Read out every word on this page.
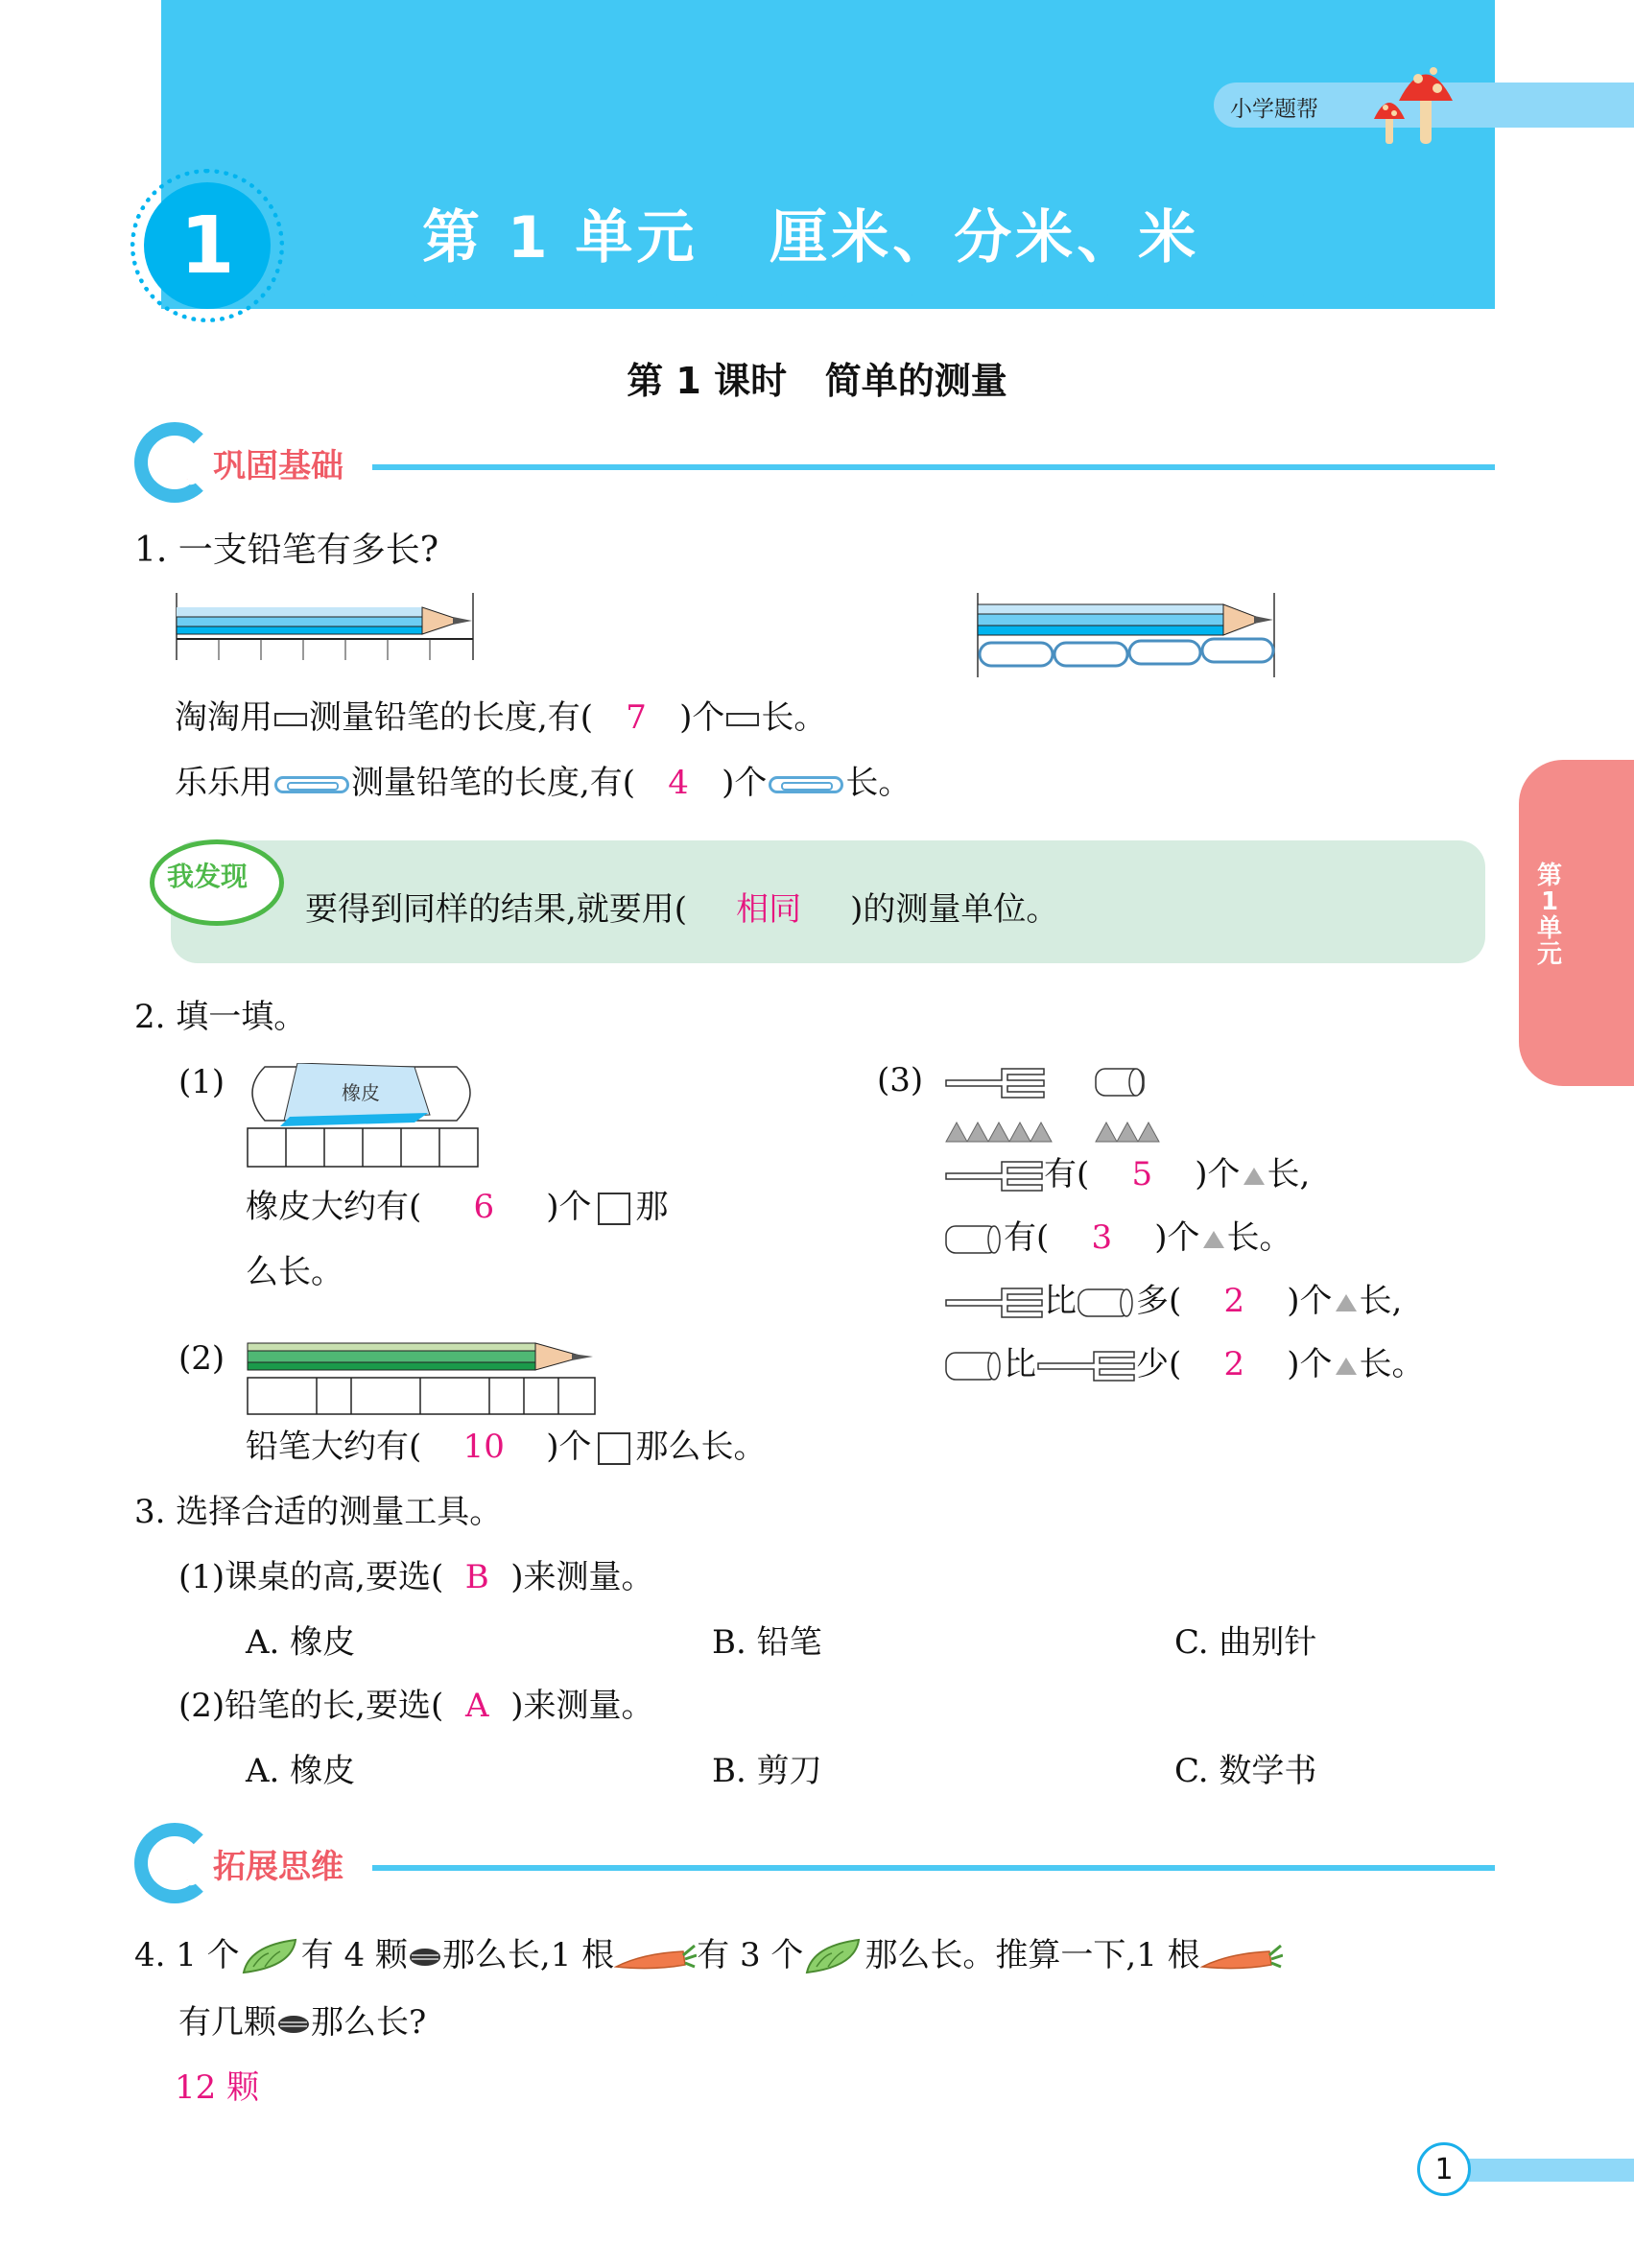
小学题帮
1	第 1 单元   厘米、分米、米
第 1 课时   简单的测量
帮 巩固基础
1. 一支铅笔有多长?
淘淘用 测量铅笔的长度,有( 7 )个 长。
乐乐用 测量铅笔的长度,有( 4 )个 长。
我发现
要得到同样的结果,就要用( 相同 )的测量单位。
第1单元
2. 填一填。
(1)	橡皮
橡皮大约有( 6 )个 那
么长。
(2)
铅笔大约有( 10 )个 那么长。
(3)
有( 5 )个 长,
有( 3 )个 长。
比 多( 2 )个 长,
比	少( 2 )个 长。
3. 选择合适的测量工具。
(1)课桌的高,要选( B )来测量。
A. 橡皮	B. 铅笔	C. 曲别针
(2)铅笔的长,要选( A )来测量。
A. 橡皮	B. 剪刀	C. 数学书
帮 拓展思维
4. 1 个 有 4 颗 那么长,1 根	有 3 个 那么长。推算一下,1 根
有几颗 那么长?
12 颗
1
